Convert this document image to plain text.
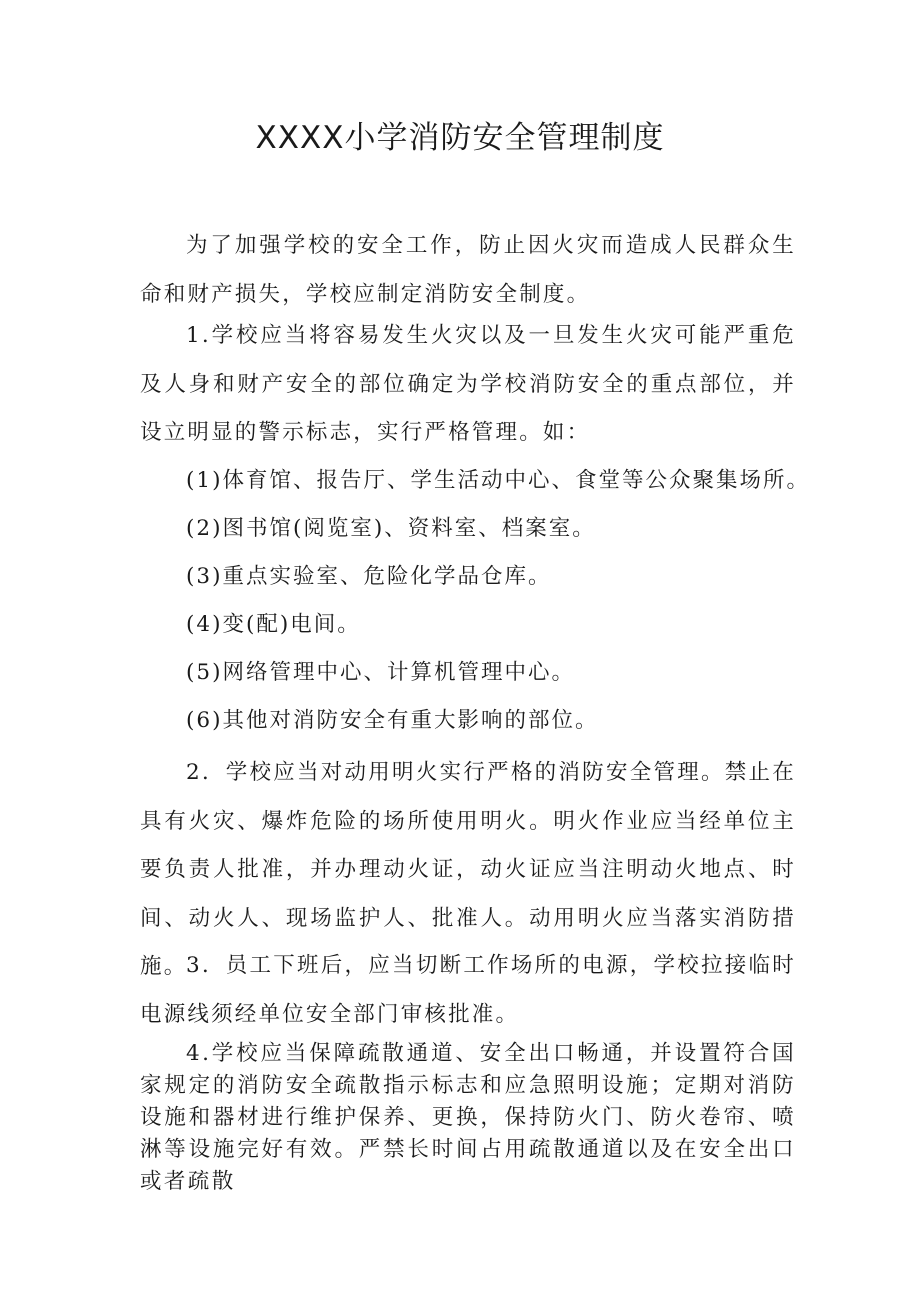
XXXX小学消防安全管理制度

为了加强学校的安全工作，防止因火灾而造成人民群众生命和财产损失，学校应制定消防安全制度。

1.学校应当将容易发生火灾以及一旦发生火灾可能严重危及人身和财产安全的部位确定为学校消防安全的重点部位，并设立明显的警示标志，实行严格管理。如：

(1)体育馆、报告厅、学生活动中心、食堂等公众聚集场所。

(2)图书馆(阅览室)、资料室、档案室。

(3)重点实验室、危险化学品仓库。

(4)变(配)电间。

(5)网络管理中心、计算机管理中心。

(6)其他对消防安全有重大影响的部位。

2．学校应当对动用明火实行严格的消防安全管理。禁止在具有火灾、爆炸危险的场所使用明火。明火作业应当经单位主要负责人批准，并办理动火证，动火证应当注明动火地点、时间、动火人、现场监护人、批准人。动用明火应当落实消防措施。

3．员工下班后，应当切断工作场所的电源，学校拉接临时电源线须经单位安全部门审核批准。

4.学校应当保障疏散通道、安全出口畅通，并设置符合国家规定的消防安全疏散指示标志和应急照明设施；定期对消防设施和器材进行维护保养、更换，保持防火门、防火卷帘、喷淋等设施完好有效。严禁长时间占用疏散通道以及在安全出口或者疏散
